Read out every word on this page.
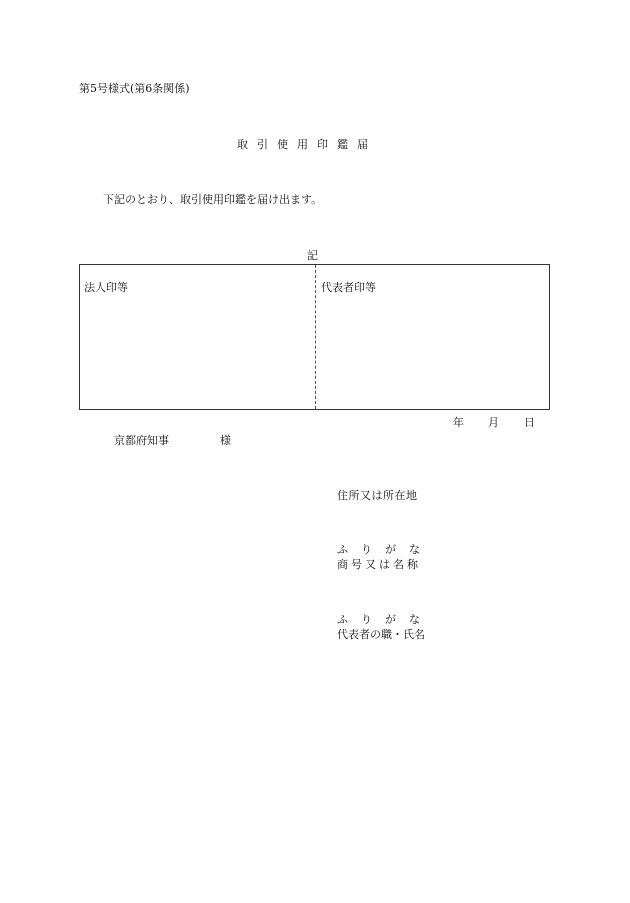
第5号様式(第6条関係)
取引使用印鑑届
下記のとおり、取引使用印鑑を届け出ます。
記
法人印等	代表者印等
年 月 日
京都府知事	様
住所又は所在地
ふりがな
商号又は名称
ふりがな
代表者の職・氏名
